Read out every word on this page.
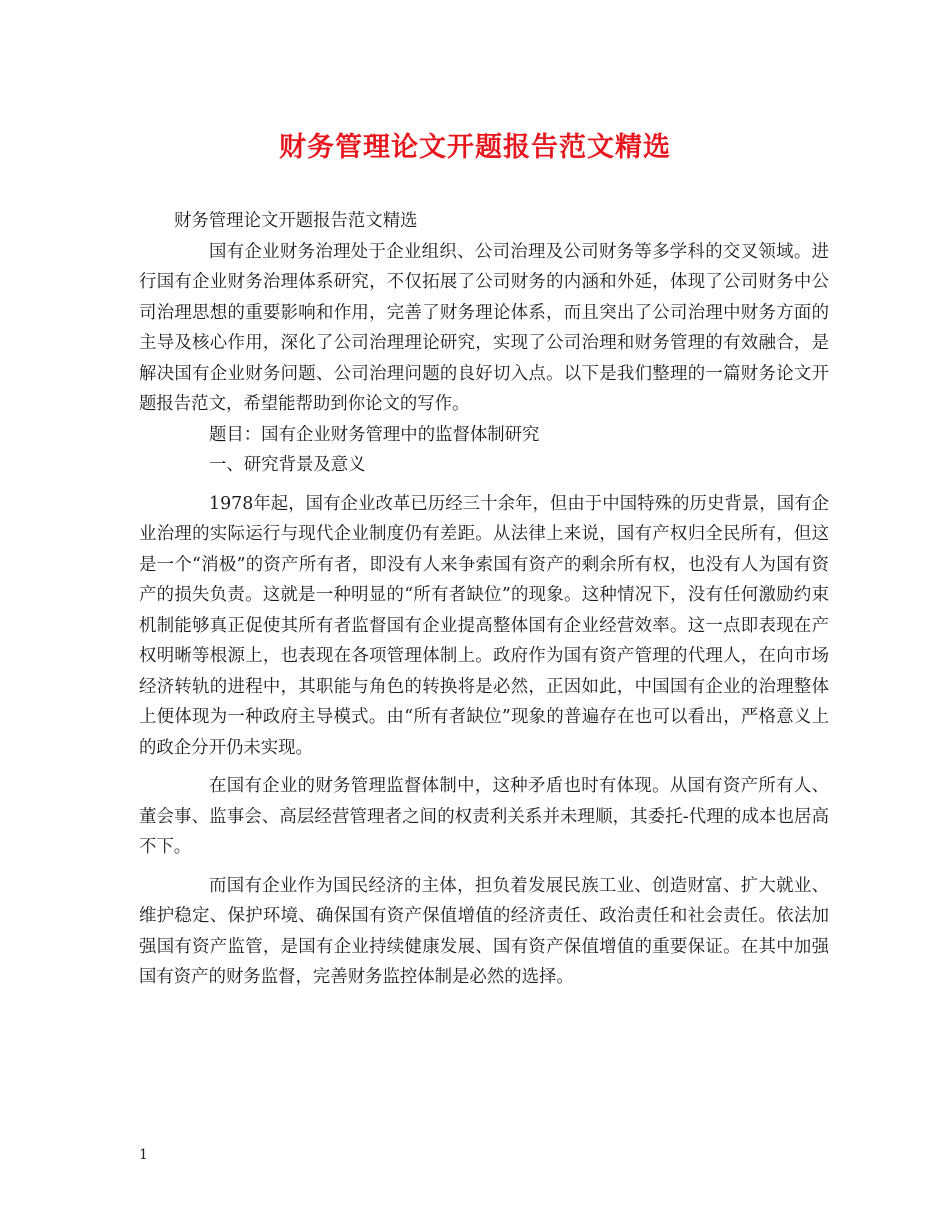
财务管理论文开题报告范文精选

财务管理论文开题报告范文精选

国有企业财务治理处于企业组织、公司治理及公司财务等多学科的交叉领域。进行国有企业财务治理体系研究，不仅拓展了公司财务的内涵和外延，体现了公司财务中公司治理思想的重要影响和作用，完善了财务理论体系，而且突出了公司治理中财务方面的主导及核心作用，深化了公司治理理论研究，实现了公司治理和财务管理的有效融合，是解决国有企业财务问题、公司治理问题的良好切入点。以下是我们整理的一篇财务论文开题报告范文，希望能帮助到你论文的写作。

题目：国有企业财务管理中的监督体制研究

一、研究背景及意义

1978年起，国有企业改革已历经三十余年，但由于中国特殊的历史背景，国有企业治理的实际运行与现代企业制度仍有差距。从法律上来说，国有产权归全民所有，但这是一个“消极”的资产所有者，即没有人来争索国有资产的剩余所有权，也没有人为国有资产的损失负责。这就是一种明显的“所有者缺位”的现象。这种情况下，没有任何激励约束机制能够真正促使其所有者监督国有企业提高整体国有企业经营效率。这一点即表现在产权明晰等根源上，也表现在各项管理体制上。政府作为国有资产管理的代理人，在向市场经济转轨的进程中，其职能与角色的转换将是必然，正因如此，中国国有企业的治理整体上便体现为一种政府主导模式。由“所有者缺位”现象的普遍存在也可以看出，严格意义上的政企分开仍未实现。

在国有企业的财务管理监督体制中，这种矛盾也时有体现。从国有资产所有人、董会事、监事会、高层经营管理者之间的权责利关系并未理顺，其委托-代理的成本也居高不下。

而国有企业作为国民经济的主体，担负着发展民族工业、创造财富、扩大就业、维护稳定、保护环境、确保国有资产保值增值的经济责任、政治责任和社会责任。依法加强国有资产监管，是国有企业持续健康发展、国有资产保值增值的重要保证。在其中加强国有资产的财务监督，完善财务监控体制是必然的选择。

1
